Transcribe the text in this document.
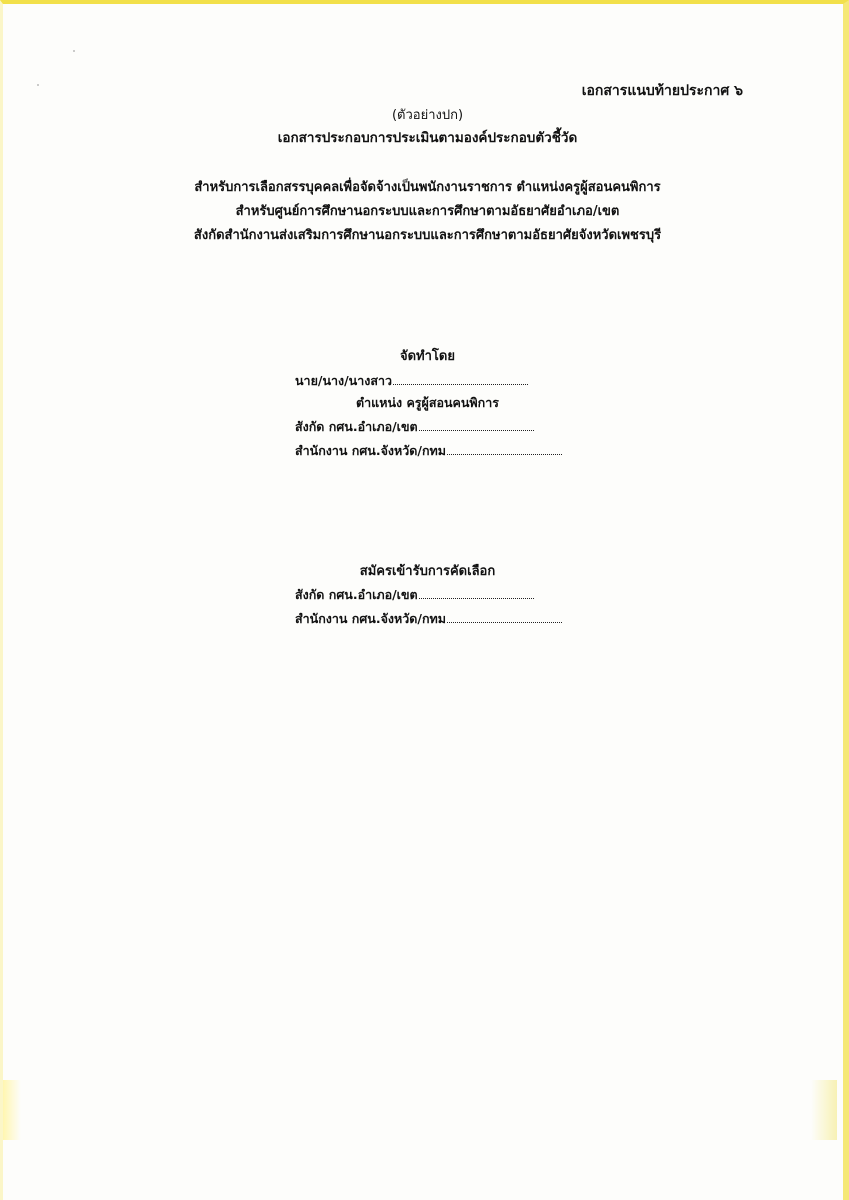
เอกสารแนบท้ายประกาศ ๖
(ตัวอย่างปก)
เอกสารประกอบการประเมินตามองค์ประกอบตัวชี้วัด
สำหรับการเลือกสรรบุคคลเพื่อจัดจ้างเป็นพนักงานราชการ ตำแหน่งครูผู้สอนคนพิการ
สำหรับศูนย์การศึกษานอกระบบและการศึกษาตามอัธยาศัยอำเภอ/เขต
สังกัดสำนักงานส่งเสริมการศึกษานอกระบบและการศึกษาตามอัธยาศัยจังหวัดเพชรบุรี
จัดทำโดย
นาย/นาง/นางสาว
ตำแหน่ง ครูผู้สอนคนพิการ
สังกัด กศน.อำเภอ/เขต
สำนักงาน กศน.จังหวัด/กทม
สมัครเข้ารับการคัดเลือก
สังกัด กศน.อำเภอ/เขต
สำนักงาน กศน.จังหวัด/กทม
